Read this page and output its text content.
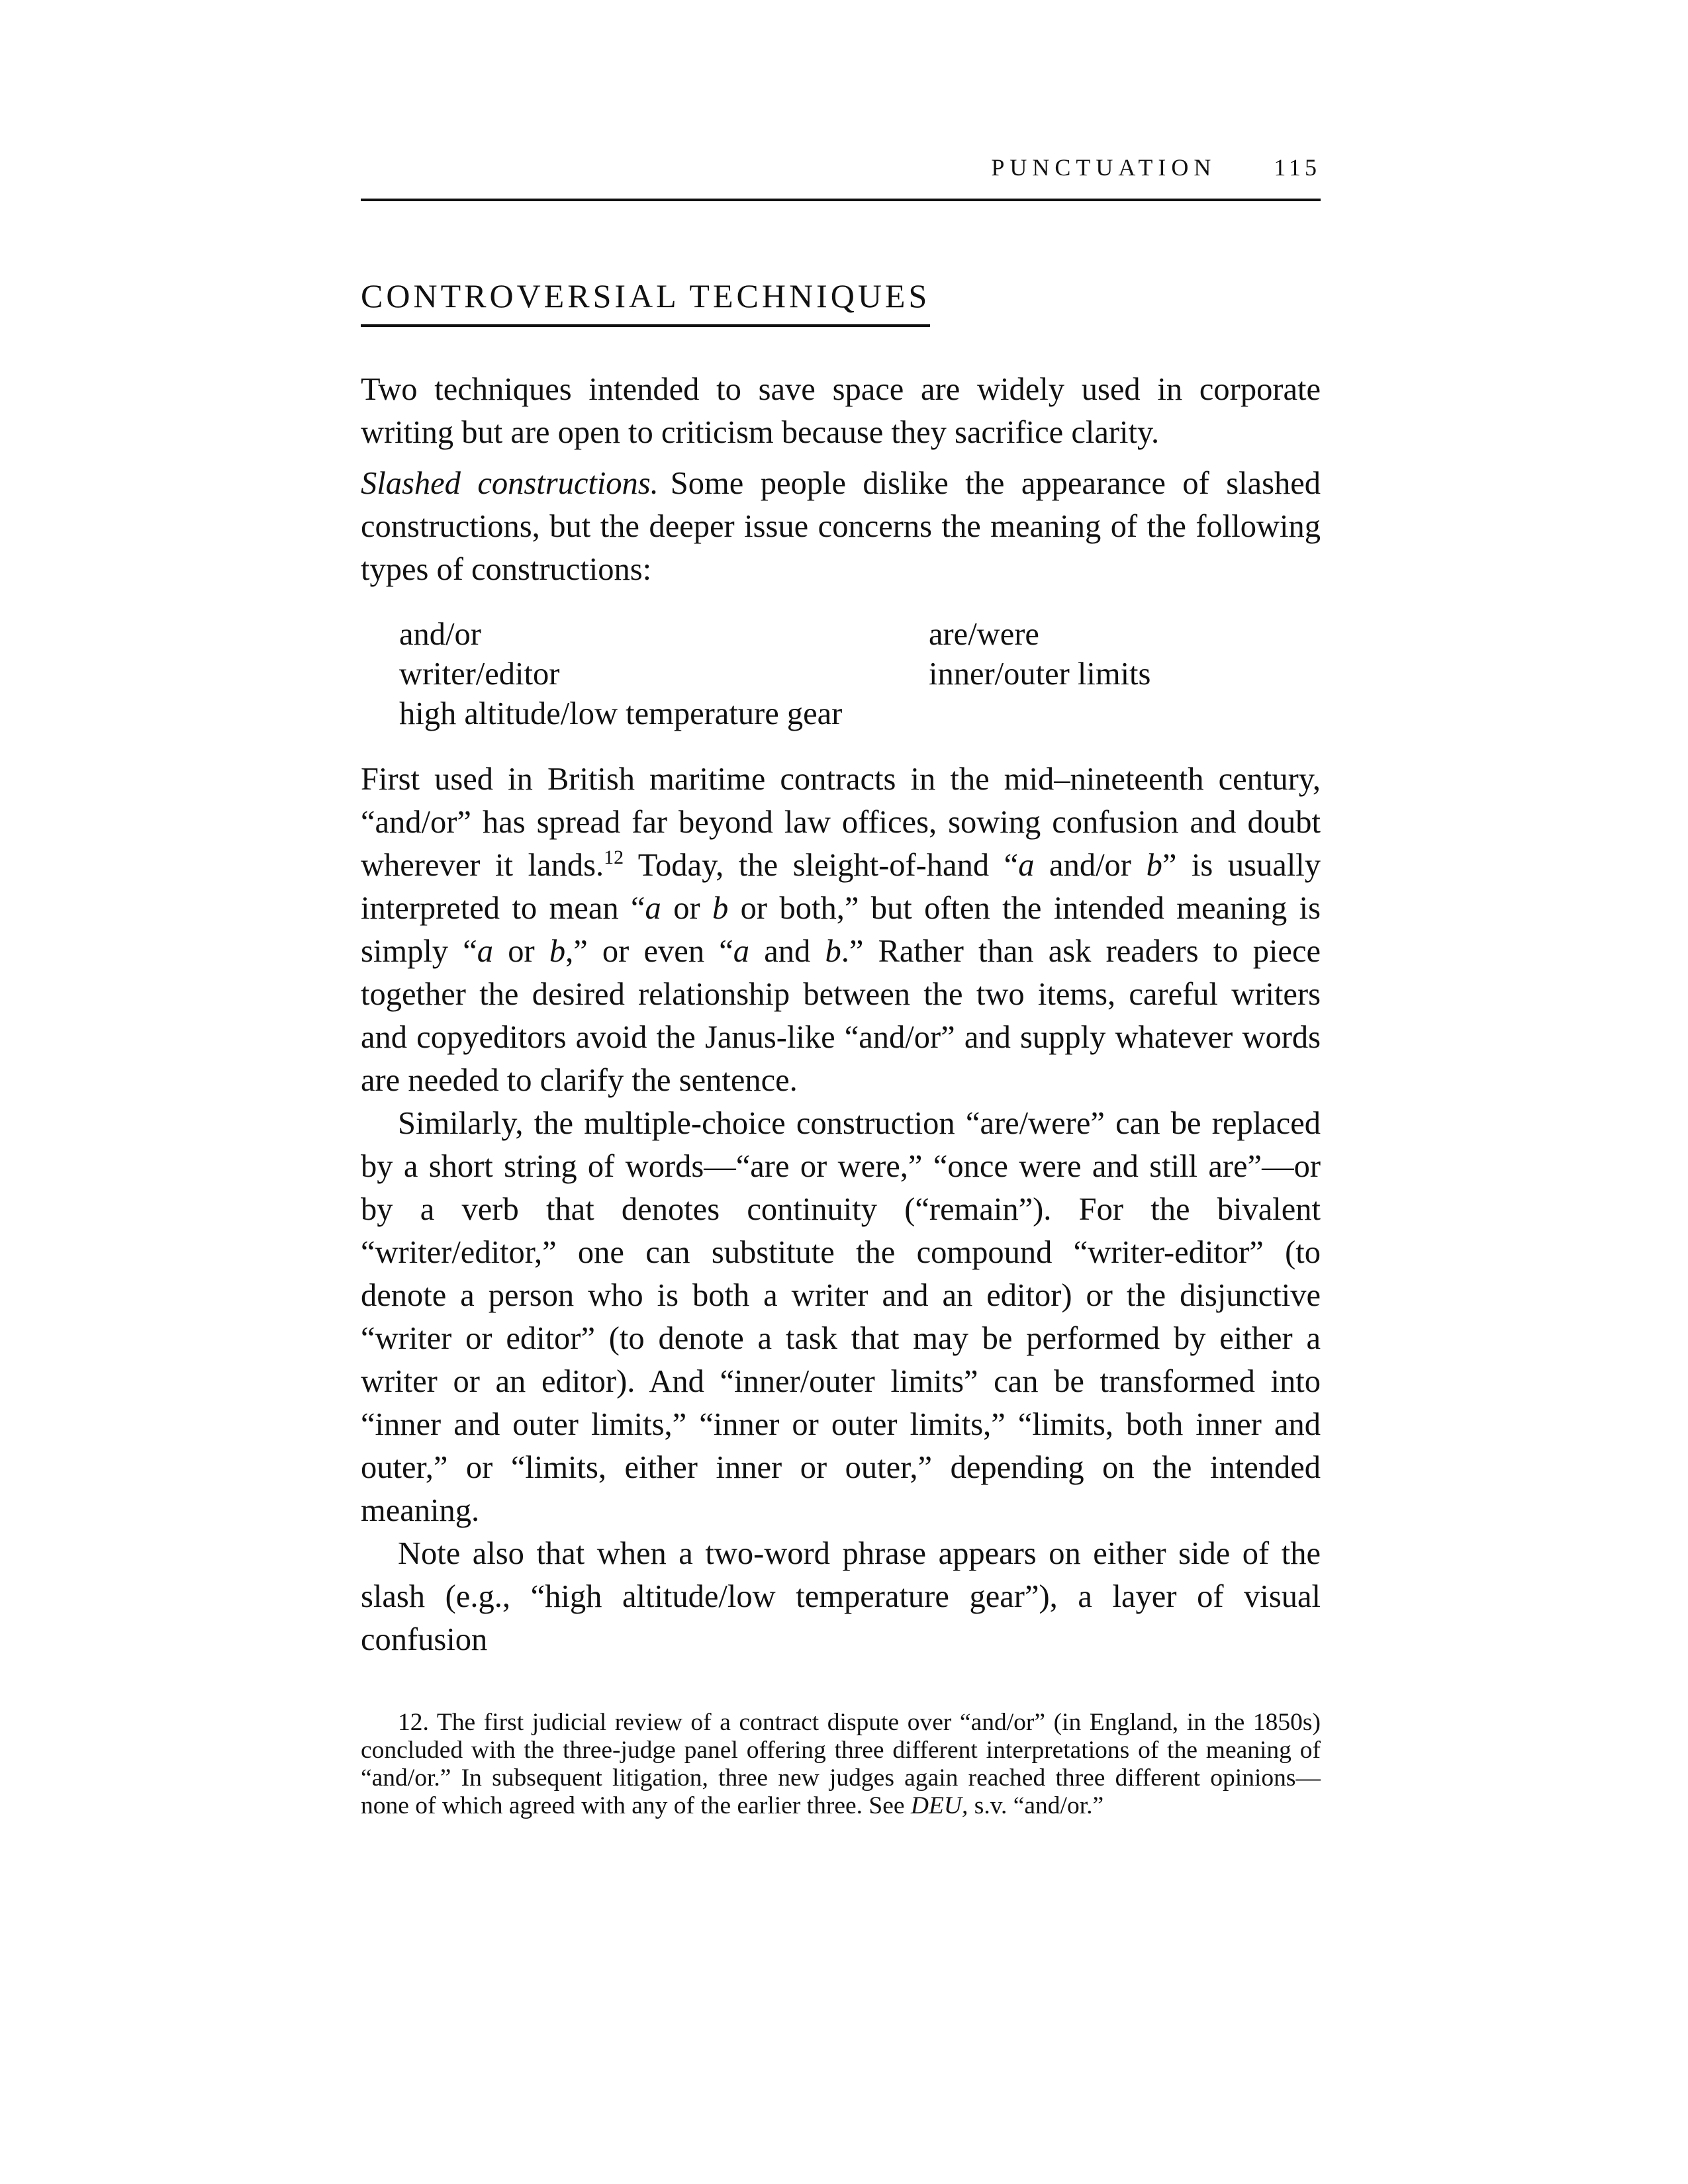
PUNCTUATION 115
CONTROVERSIAL TECHNIQUES

Two techniques intended to save space are widely used in corporate writing but are open to criticism because they sacrifice clarity.

Slashed constructions. Some people dislike the appearance of slashed constructions, but the deeper issue concerns the meaning of the following types of constructions:

and/or
writer/editor
high altitude/low temperature gear
are/were
inner/outer limits

First used in British maritime contracts in the mid–nineteenth century, “and/or” has spread far beyond law offices, sowing confusion and doubt wherever it lands.$^{12}$ Today, the sleight-of-hand “a and/or b” is usually interpreted to mean “a or b or both,” but often the intended meaning is simply “a or b,” or even “a and b.” Rather than ask readers to piece together the desired relationship between the two items, careful writers and copyeditors avoid the Janus-like “and/or” and supply whatever words are needed to clarify the sentence.

Similarly, the multiple-choice construction “are/were” can be replaced by a short string of words—“are or were,” “once were and still are”—or by a verb that denotes continuity (“remain”). For the bivalent “writer/editor,” one can substitute the compound “writer-editor” (to denote a person who is both a writer and an editor) or the disjunctive “writer or editor” (to denote a task that may be performed by either a writer or an editor). And “inner/outer limits” can be transformed into “inner and outer limits,” “inner or outer limits,” “limits, both inner and outer,” or “limits, either inner or outer,” depending on the intended meaning.

Note also that when a two-word phrase appears on either side of the slash (e.g., “high altitude/low temperature gear”), a layer of visual confusion

12. The first judicial review of a contract dispute over “and/or” (in England, in the 1850s) concluded with the three-judge panel offering three different interpretations of the meaning of “and/or.” In subsequent litigation, three new judges again reached three different opinions—none of which agreed with any of the earlier three. See DEU, s.v. “and/or.”
